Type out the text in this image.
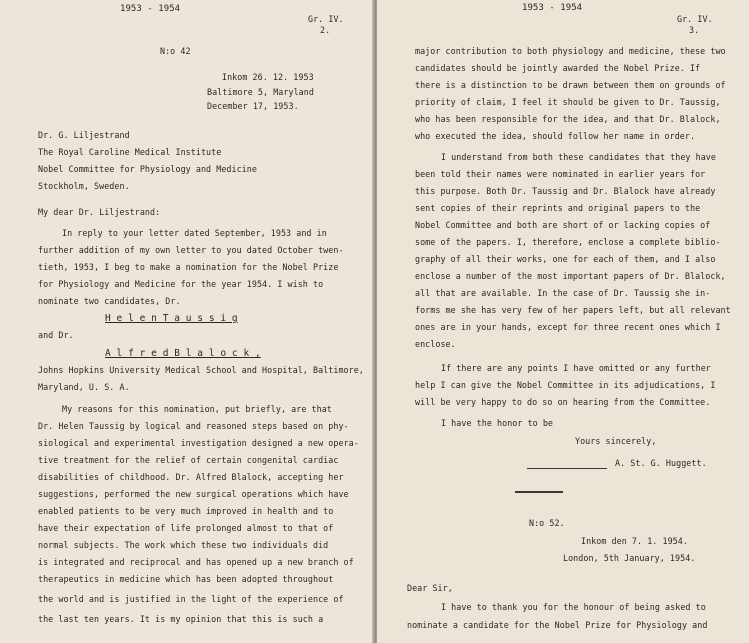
1953 - 1954
Gr. IV.
2.
N:o 42
Inkom 26. 12. 1953
Baltimore 5, Maryland
December 17, 1953.
Dr. G. Liljestrand
The Royal Caroline Medical Institute
Nobel Committee for Physiology and Medicine
Stockholm, Sweden.
My dear Dr. Liljestrand:
In reply to your letter dated September, 1953 and in
further addition of my own letter to you dated October twen-
tieth, 1953, I beg to make a nomination for the Nobel Prize
for Physiology and Medicine for the year 1954. I wish to
nominate two candidates, Dr.
H e l e n T a u s s i g
and Dr.
A l f r e d B l a l o c k ,
Johns Hopkins University Medical School and Hospital, Baltimore,
Maryland, U. S. A.
My reasons for this nomination, put briefly, are that
Dr. Helen Taussig by logical and reasoned steps based on phy-
siological and experimental investigation designed a new opera-
tive treatment for the relief of certain congenital cardiac
disabilities of childhood. Dr. Alfred Blalock, accepting her
suggestions, performed the new surgical operations which have
enabled patients to be very much improved in health and to
have their expectation of life prolonged almost to that of
normal subjects. The work which these two individuals did
is integrated and reciprocal and has opened up a new branch of
therapeutics in medicine which has been adopted throughout
the world and is justified in the light of the experience of
the last ten years. It is my opinion that this is such a
1953 - 1954
Gr. IV.
3.
major contribution to both physiology and medicine, these two
candidates should be jointly awarded the Nobel Prize. If
there is a distinction to be drawn between them on grounds of
priority of claim, I feel it should be given to Dr. Taussig,
who has been responsible for the idea, and that Dr. Blalock,
who executed the idea, should follow her name in order.
I understand from both these candidates that they have
been told their names were nominated in earlier years for
this purpose. Both Dr. Taussig and Dr. Blalock have already
sent copies of their reprints and original papers to the
Nobel Committee and both are short of or lacking copies of
some of the papers. I, therefore, enclose a complete biblio-
graphy of all their works, one for each of them, and I also
enclose a number of the most important papers of Dr. Blalock,
all that are available. In the case of Dr. Taussig she in-
forms me she has very few of her papers left, but all relevant
ones are in your hands, except for three recent ones which I
enclose.
If there are any points I have omitted or any further
help I can give the Nobel Committee in its adjudications, I
will be very happy to do so on hearing from the Committee.
I have the honor to be
Yours sincerely,
A. St. G. Huggett.
N:o 52.
Inkom den 7. 1. 1954.
London, 5th January, 1954.
Dear Sir,
I have to thank you for the honour of being asked to
nominate a candidate for the Nobel Prize for Physiology and
